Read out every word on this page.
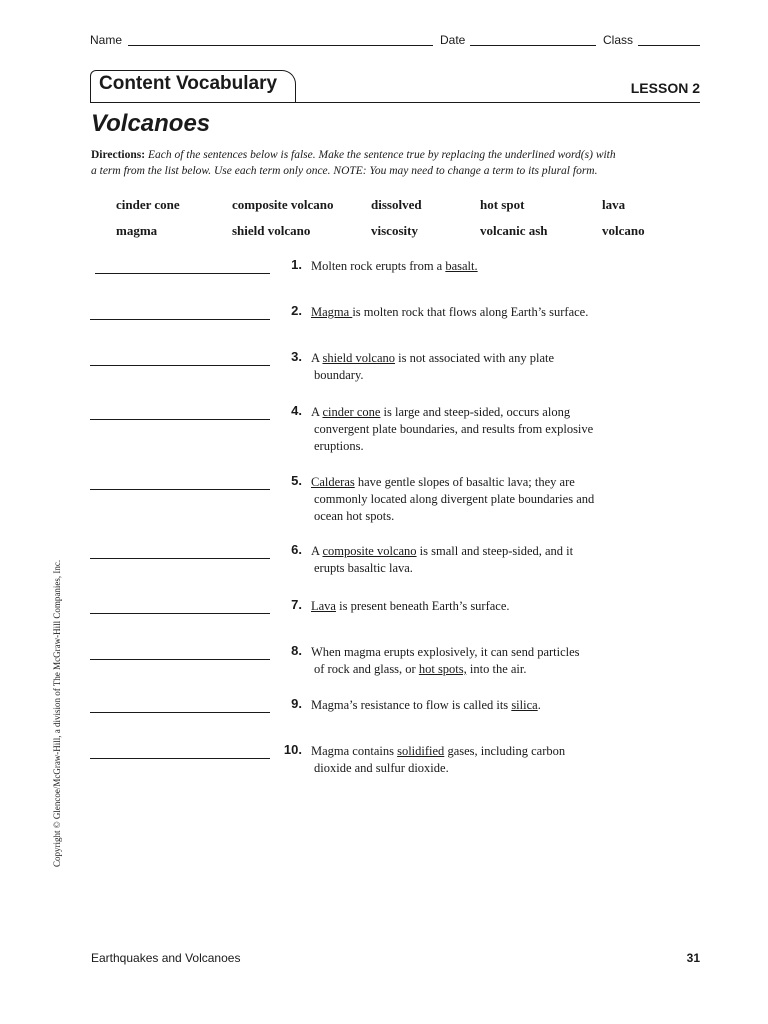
Name	Date	Class
Content Vocabulary	LESSON 2
Volcanoes
Directions: Each of the sentences below is false. Make the sentence true by replacing the underlined word(s) with
a term from the list below. Use each term only once. NOTE: You may need to change a term to its plural form.
cinder cone	composite volcano	dissolved	hot spot	lava
magma	shield volcano	viscosity	volcanic ash	volcano
1. Molten rock erupts from a basalt.
2. Magma is molten rock that flows along Earth’s surface.
3. A shield volcano is not associated with any plate
boundary.
4. A cinder cone is large and steep-sided, occurs along
convergent plate boundaries, and results from explosive
eruptions.
5. Calderas have gentle slopes of basaltic lava; they are
commonly located along divergent plate boundaries and
ocean hot spots.
6. A composite volcano is small and steep-sided, and it
erupts basaltic lava.
7. Lava is present beneath Earth’s surface.
8. When magma erupts explosively, it can send particles
of rock and glass, or hot spots, into the air.
9. Magma’s resistance to flow is called its silica.
10. Magma contains solidified gases, including carbon
dioxide and sulfur dioxide.
Copyright © Glencoe/McGraw-Hill, a division of The McGraw-Hill Companies, Inc.
Earthquakes and Volcanoes	31
